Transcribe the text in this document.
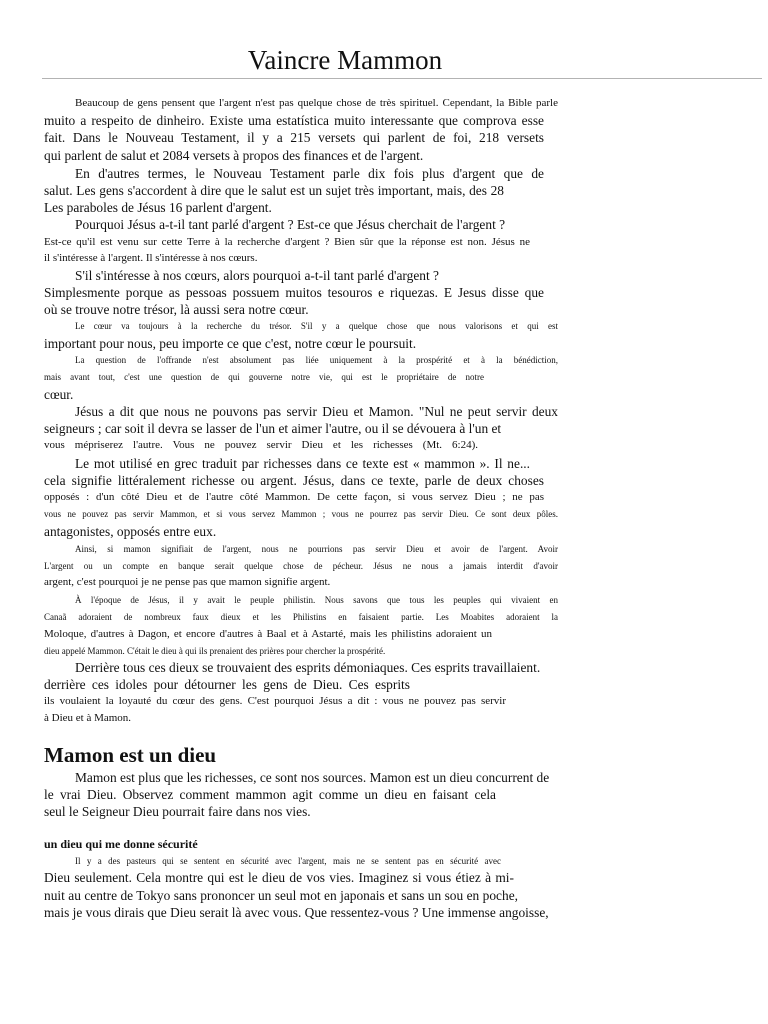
Vaincre Mammon
Beaucoup de gens pensent que l'argent n'est pas quelque chose de très spirituel. Cependant, la Bible parle
muito a respeito de dinheiro. Existe uma estatística muito interessante que comprova esse
fait. Dans le Nouveau Testament, il y a 215 versets qui parlent de foi, 218 versets
qui parlent de salut et 2084 versets à propos des finances et de l'argent.
En d'autres termes, le Nouveau Testament parle dix fois plus d'argent que de
salut. Les gens s'accordent à dire que le salut est un sujet très important, mais, des 28
Les paraboles de Jésus 16 parlent d'argent.
Pourquoi Jésus a-t-il tant parlé d'argent ? Est-ce que Jésus cherchait de l'argent ?
Est-ce qu'il est venu sur cette Terre à la recherche d'argent ? Bien sûr que la réponse est non. Jésus ne
il s'intéresse à l'argent. Il s'intéresse à nos cœurs.
S'il s'intéresse à nos cœurs, alors pourquoi a-t-il tant parlé d'argent ?
Simplesmente porque as pessoas possuem muitos tesouros e riquezas. E Jesus disse que
où se trouve notre trésor, là aussi sera notre cœur.
Le cœur va toujours à la recherche du trésor. S'il y a quelque chose que nous valorisons et qui est
important pour nous, peu importe ce que c'est, notre cœur le poursuit.
La question de l'offrande n'est absolument pas liée uniquement à la prospérité et à la bénédiction,
mais avant tout, c'est une question de qui gouverne notre vie, qui est le propriétaire de notre
cœur.
Jésus a dit que nous ne pouvons pas servir Dieu et Mamon. "Nul ne peut servir deux
seigneurs ; car soit il devra se lasser de l'un et aimer l'autre, ou il se dévouera à l'un et
vous mépriserez l'autre. Vous ne pouvez servir Dieu et les richesses (Mt. 6:24).
Le mot utilisé en grec traduit par richesses dans ce texte est « mammon ». Il ne...
cela signifie littéralement richesse ou argent. Jésus, dans ce texte, parle de deux choses
opposés : d'un côté Dieu et de l'autre côté Mammon. De cette façon, si vous servez Dieu ; ne pas
vous ne pouvez pas servir Mammon, et si vous servez Mammon ; vous ne pourrez pas servir Dieu. Ce sont deux pôles.
antagonistes, opposés entre eux.
Ainsi, si mamon signifiait de l'argent, nous ne pourrions pas servir Dieu et avoir de l'argent. Avoir
L'argent ou un compte en banque serait quelque chose de pécheur. Jésus ne nous a jamais interdit d'avoir
argent, c'est pourquoi je ne pense pas que mamon signifie argent.
À l'époque de Jésus, il y avait le peuple philistin. Nous savons que tous les peuples qui vivaient en
Canaã adoraient de nombreux faux dieux et les Philistins en faisaient partie. Les Moabites adoraient la
Moloque, d'autres à Dagon, et encore d'autres à Baal et à Astarté, mais les philistins adoraient un
dieu appelé Mammon. C'était le dieu à qui ils prenaient des prières pour chercher la prospérité.
Derrière tous ces dieux se trouvaient des esprits démoniaques. Ces esprits travaillaient.
derrière ces idoles pour détourner les gens de Dieu. Ces esprits
ils voulaient la loyauté du cœur des gens. C'est pourquoi Jésus a dit : vous ne pouvez pas servir
à Dieu et à Mamon.
Mamon est un dieu
Mamon est plus que les richesses, ce sont nos sources. Mamon est un dieu concurrent de
le vrai Dieu. Observez comment mammon agit comme un dieu en faisant cela
seul le Seigneur Dieu pourrait faire dans nos vies.
un dieu qui me donne sécurité
Il y a des pasteurs qui se sentent en sécurité avec l'argent, mais ne se sentent pas en sécurité avec
Dieu seulement. Cela montre qui est le dieu de vos vies. Imaginez si vous étiez à mi-
nuit au centre de Tokyo sans prononcer un seul mot en japonais et sans un sou en poche,
mais je vous dirais que Dieu serait là avec vous. Que ressentez-vous ? Une immense angoisse,
